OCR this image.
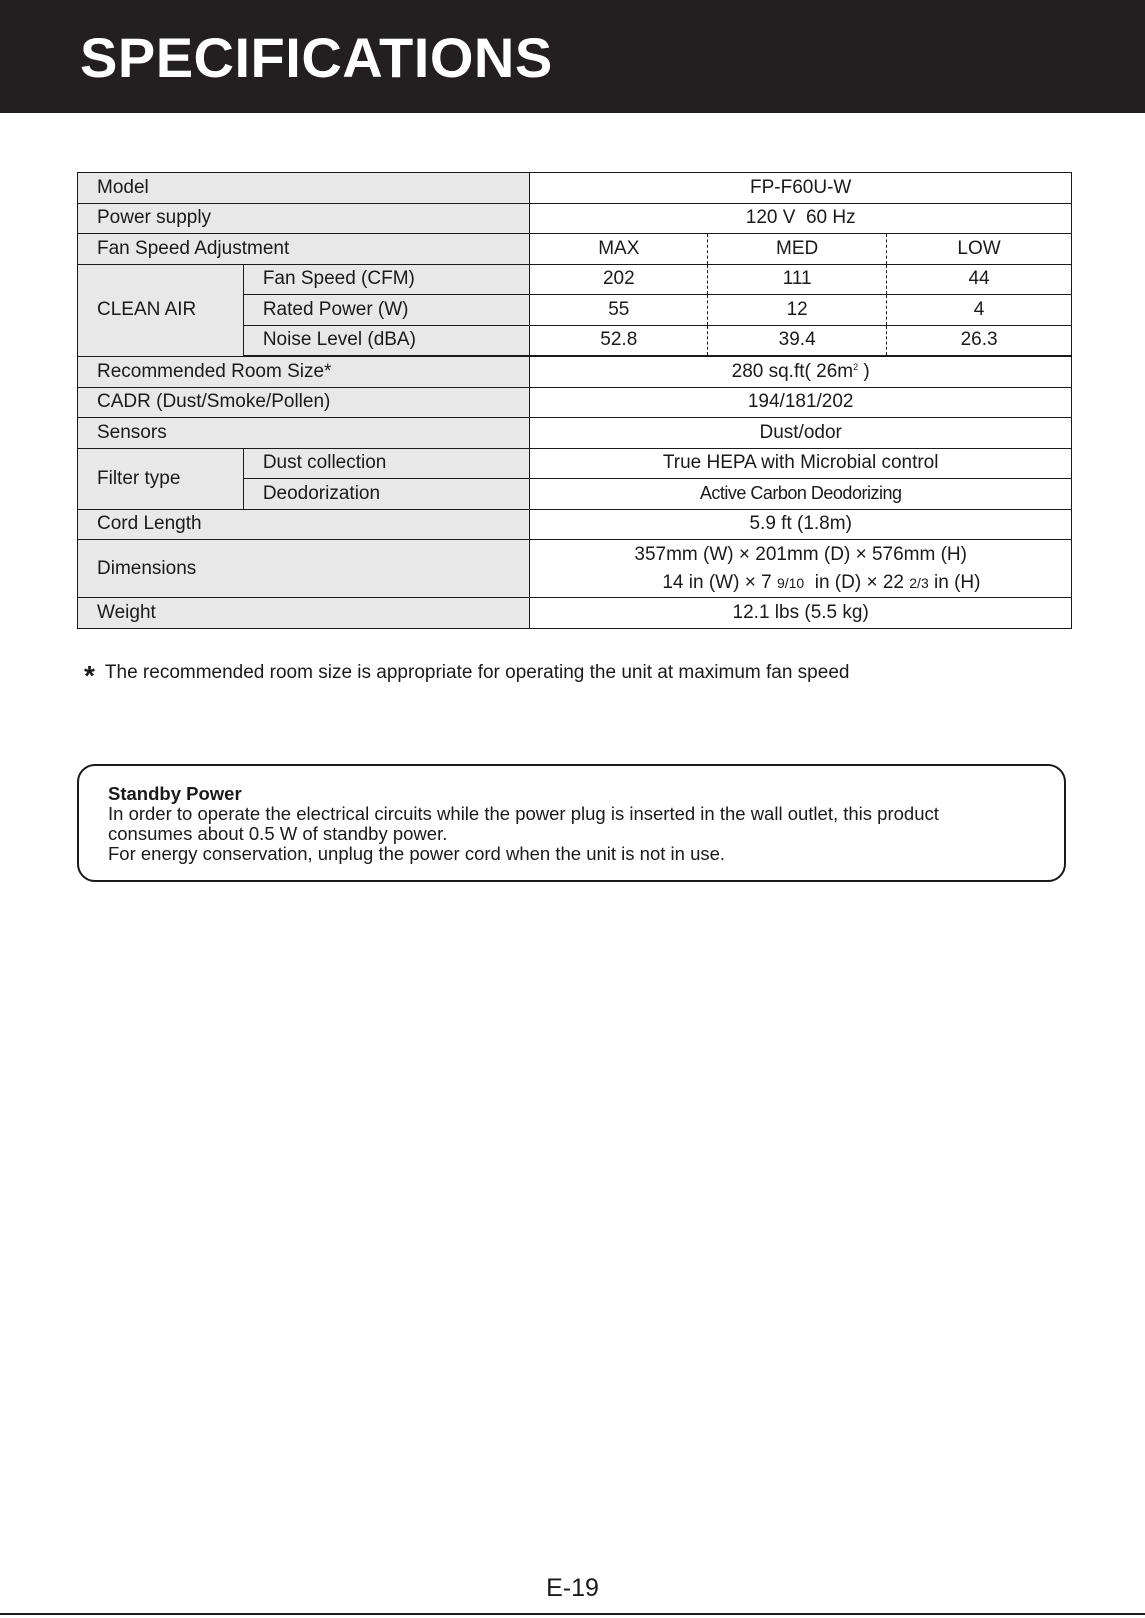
SPECIFICATIONS
Model		FP-F60U-W		
Power supply		120 V  60 Hz		
Fan Speed Adjustment		MAX	MED	LOW
CLEAN AIR	Fan Speed (CFM)	202	111	44
	Rated Power (W)	55	12	4
	Noise Level (dBA)	52.8	39.4	26.3
Recommended Room Size*		280 sq.ft( $26m^2$ )		
CADR (Dust/Smoke/Pollen)		194/181/202		
Sensors		Dust/odor		
Filter type	Dust collection	True HEPA with Microbial control		
	Deodorization	Active Carbon Deodorizing		
Cord Length		5.9 ft (1.8m)		
Dimensions		357mm (W) × 201mm (D) × 576mm (H)
14 in (W) × 7 9/10  in (D) × 22 2/3 in (H)		

Weight		12.1 lbs (5.5 kg)		
* The recommended room size is appropriate for operating the unit at maximum fan speed
Standby Power
In order to operate the electrical circuits while the power plug is inserted in the wall outlet, this product
consumes about 0.5 W of standby power.
For energy conservation, unplug the power cord when the unit is not in use.
E-19
